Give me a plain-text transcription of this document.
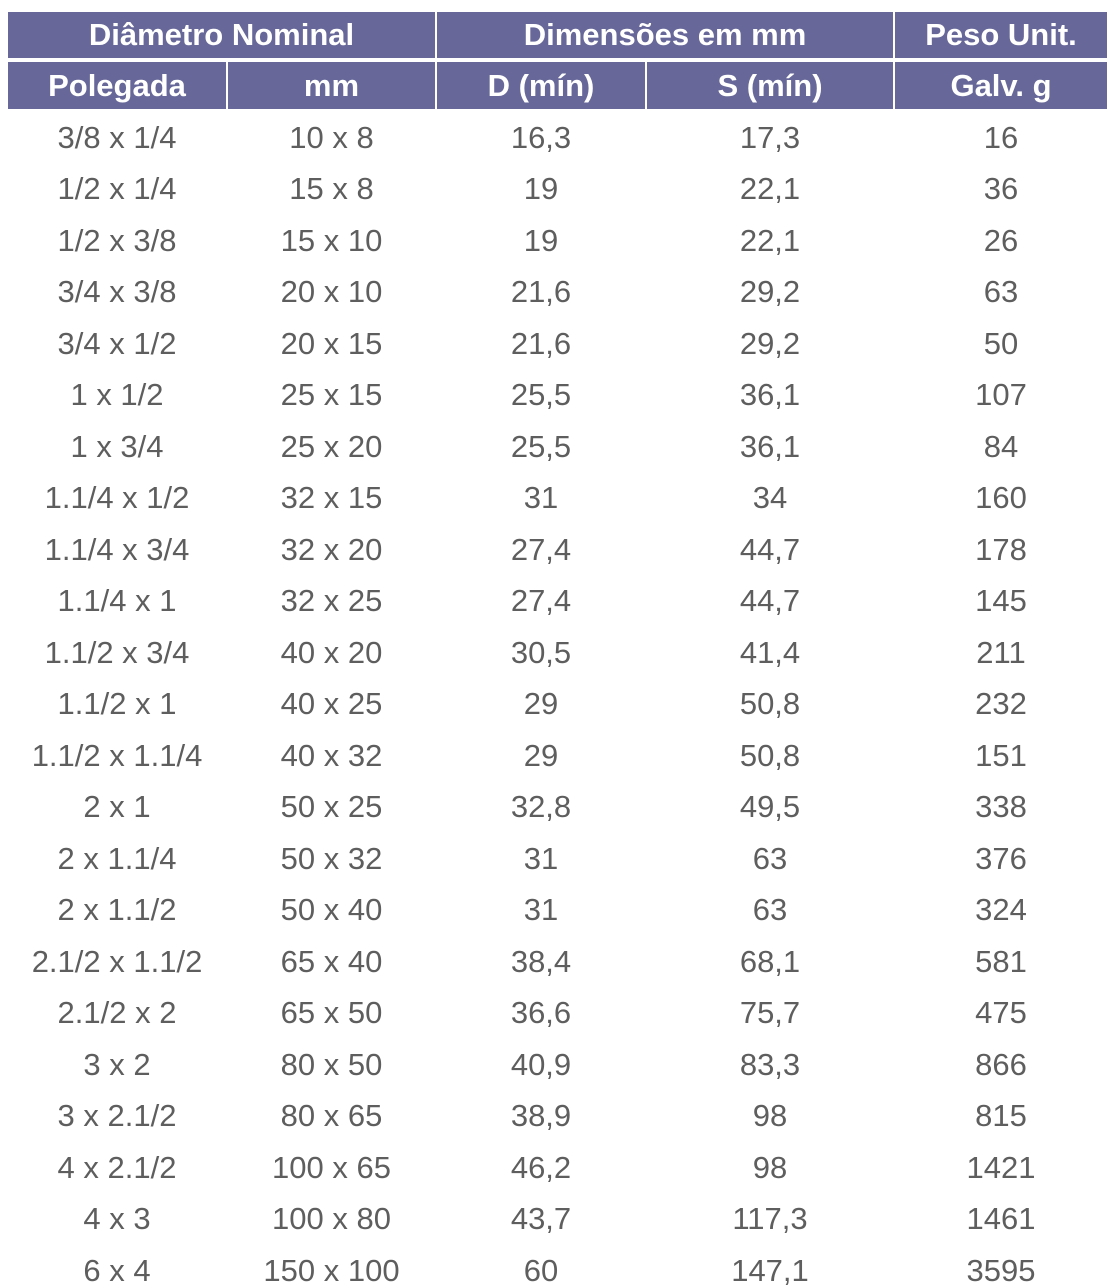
Diâmetro Nominal	Dimensões em mm	Peso Unit.
Polegada	mm	D (mín)	S (mín)	Galv. g
3/8 x 1/4	10 x 8	16,3	17,3	16
1/2 x 1/4	15 x 8	19	22,1	36
1/2 x 3/8	15 x 10	19	22,1	26
3/4 x 3/8	20 x 10	21,6	29,2	63
3/4 x 1/2	20 x 15	21,6	29,2	50
1 x 1/2	25 x 15	25,5	36,1	107
1 x 3/4	25 x 20	25,5	36,1	84
1.1/4 x 1/2	32 x 15	31	34	160
1.1/4 x 3/4	32 x 20	27,4	44,7	178
1.1/4 x 1	32 x 25	27,4	44,7	145
1.1/2 x 3/4	40 x 20	30,5	41,4	211
1.1/2 x 1	40 x 25	29	50,8	232
1.1/2 x 1.1/4	40 x 32	29	50,8	151
2 x 1	50 x 25	32,8	49,5	338
2 x 1.1/4	50 x 32	31	63	376
2 x 1.1/2	50 x 40	31	63	324
2.1/2 x 1.1/2	65 x 40	38,4	68,1	581
2.1/2 x 2	65 x 50	36,6	75,7	475
3 x 2	80 x 50	40,9	83,3	866
3 x 2.1/2	80 x 65	38,9	98	815
4 x 2.1/2	100 x 65	46,2	98	1421
4 x 3	100 x 80	43,7	117,3	1461
6 x 4	150 x 100	60	147,1	3595
